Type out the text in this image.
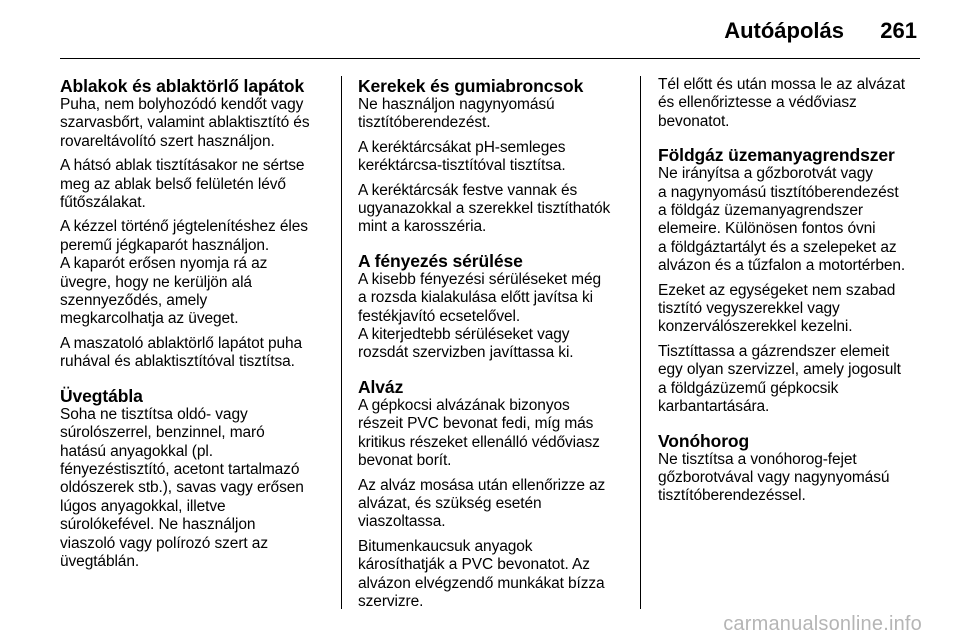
Autóápolás 261
Ablakok és ablaktörlő lapátok

Puha, nem bolyhozódó kendőt vagy
szarvasbőrt, valamint ablaktisztító és
rovareltávolító szert használjon.

A hátsó ablak tisztításakor ne sértse
meg az ablak belső felületén lévő
fűtőszálakat.

A kézzel történő jégtelenítéshez éles
peremű jégkaparót használjon.
A kaparót erősen nyomja rá az
üvegre, hogy ne kerüljön alá
szennyeződés, amely
megkarcolhatja az üveget.

A maszatoló ablaktörlő lapátot puha
ruhával és ablaktisztítóval tisztítsa.

Üvegtábla

Soha ne tisztítsa oldó- vagy
súrolószerrel, benzinnel, maró
hatású anyagokkal (pl.
fényezéstisztító, acetont tartalmazó
oldószerek stb.), savas vagy erősen
lúgos anyagokkal, illetve
súrolókefével. Ne használjon
viaszoló vagy polírozó szert az
üvegtáblán.

Kerekek és gumiabroncsok

Ne használjon nagynyomású
tisztítóberendezést.

A keréktárcsákat pH-semleges
keréktárcsa-tisztítóval tisztítsa.

A keréktárcsák festve vannak és
ugyanazokkal a szerekkel tisztíthatók
mint a karosszéria.

A fényezés sérülése

A kisebb fényezési sérüléseket még
a rozsda kialakulása előtt javítsa ki
festékjavító ecsetelővel.
A kiterjedtebb sérüléseket vagy
rozsdát szervizben javíttassa ki.

Alváz

A gépkocsi alvázának bizonyos
részeit PVC bevonat fedi, míg más
kritikus részeket ellenálló védőviasz
bevonat borít.

Az alváz mosása után ellenőrizze az
alvázat, és szükség esetén
viaszoltassa.

Bitumenkaucsuk anyagok
károsíthatják a PVC bevonatot. Az
alvázon elvégzendő munkákat bízza
szervizre.

Tél előtt és után mossa le az alvázat
és ellenőriztesse a védőviasz
bevonatot.

Földgáz üzemanyagrendszer

Ne irányítsa a gőzborotvát vagy
a nagynyomású tisztítóberendezést
a földgáz üzemanyagrendszer
elemeire. Különösen fontos óvni
a földgáztartályt és a szelepeket az
alvázon és a tűzfalon a motortérben.

Ezeket az egységeket nem szabad
tisztító vegyszerekkel vagy
konzerválószerekkel kezelni.

Tisztíttassa a gázrendszer elemeit
egy olyan szervizzel, amely jogosult
a földgázüzemű gépkocsik
karbantartására.

Vonóhorog

Ne tisztítsa a vonóhorog-fejet
gőzborotvával vagy nagynyomású
tisztítóberendezéssel.

carmanualsonline.info
